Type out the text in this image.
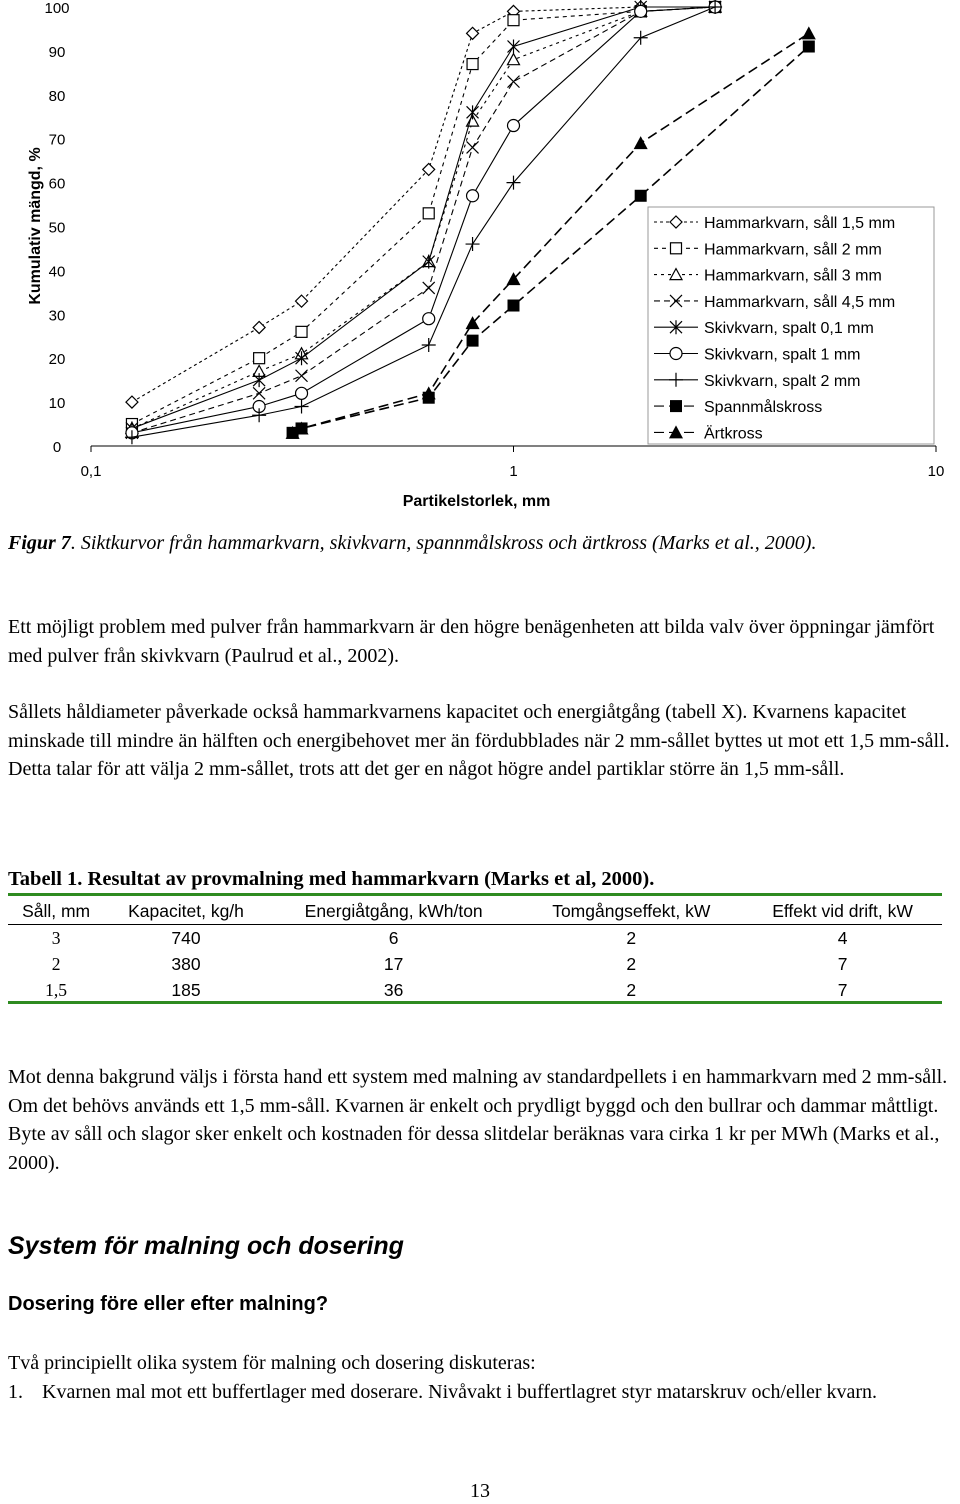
0,1	1	10
0
10
20
30
40
50
60
70
80
90
100
Partikelstorlek, mm
Kumulativ mängd, %	Hammarkvarn, såll 1,5 mm
Hammarkvarn, såll 2 mm
Hammarkvarn, såll 3 mm
Hammarkvarn, såll 4,5 mm
Skivkvarn, spalt 0,1 mm
Skivkvarn, spalt 1 mm
Skivkvarn, spalt 2 mm
Spannmålskross
Ärtkross
Figur 7. Siktkurvor från hammarkvarn, skivkvarn, spannmålskross och ärtkross (Marks et al., 2000).
Ett möjligt problem med pulver från hammarkvarn är den högre benägenheten att bilda valv över öppningar jämfört med pulver från skivkvarn (Paulrud et al., 2002).
Sållets håldiameter påverkade också hammarkvarnens kapacitet och energiåtgång (tabell X). Kvarnens kapacitet minskade till mindre än hälften och energibehovet mer än fördubblades när 2 mm-sållet byttes ut mot ett 1,5 mm-såll. Detta talar för att välja 2 mm-sållet, trots att det ger en något högre andel partiklar större än 1,5 mm-såll.
Tabell 1. Resultat av provmalning med hammarkvarn (Marks et al, 2000).
Såll, mm	Kapacitet, kg/h	Energiåtgång, kWh/ton	Tomgångseffekt, kW	Effekt vid drift, kW
3	740	6	2	4
2	380	17	2	7
1,5	185	36	2	7
Mot denna bakgrund väljs i första hand ett system med malning av standardpellets i en hammarkvarn med 2 mm-såll. Om det behövs används ett 1,5 mm-såll. Kvarnen är enkelt och prydligt byggd och den bullrar och dammar måttligt. Byte av såll och slagor sker enkelt och kostnaden för dessa slitdelar beräknas vara cirka 1 kr per MWh (Marks et al., 2000).
System för malning och dosering
Dosering före eller efter malning?
Två principiellt olika system för malning och dosering diskuteras:
1. Kvarnen mal mot ett buffertlager med doserare. Nivåvakt i buffertlagret styr matarskruv och/eller kvarn.
13
